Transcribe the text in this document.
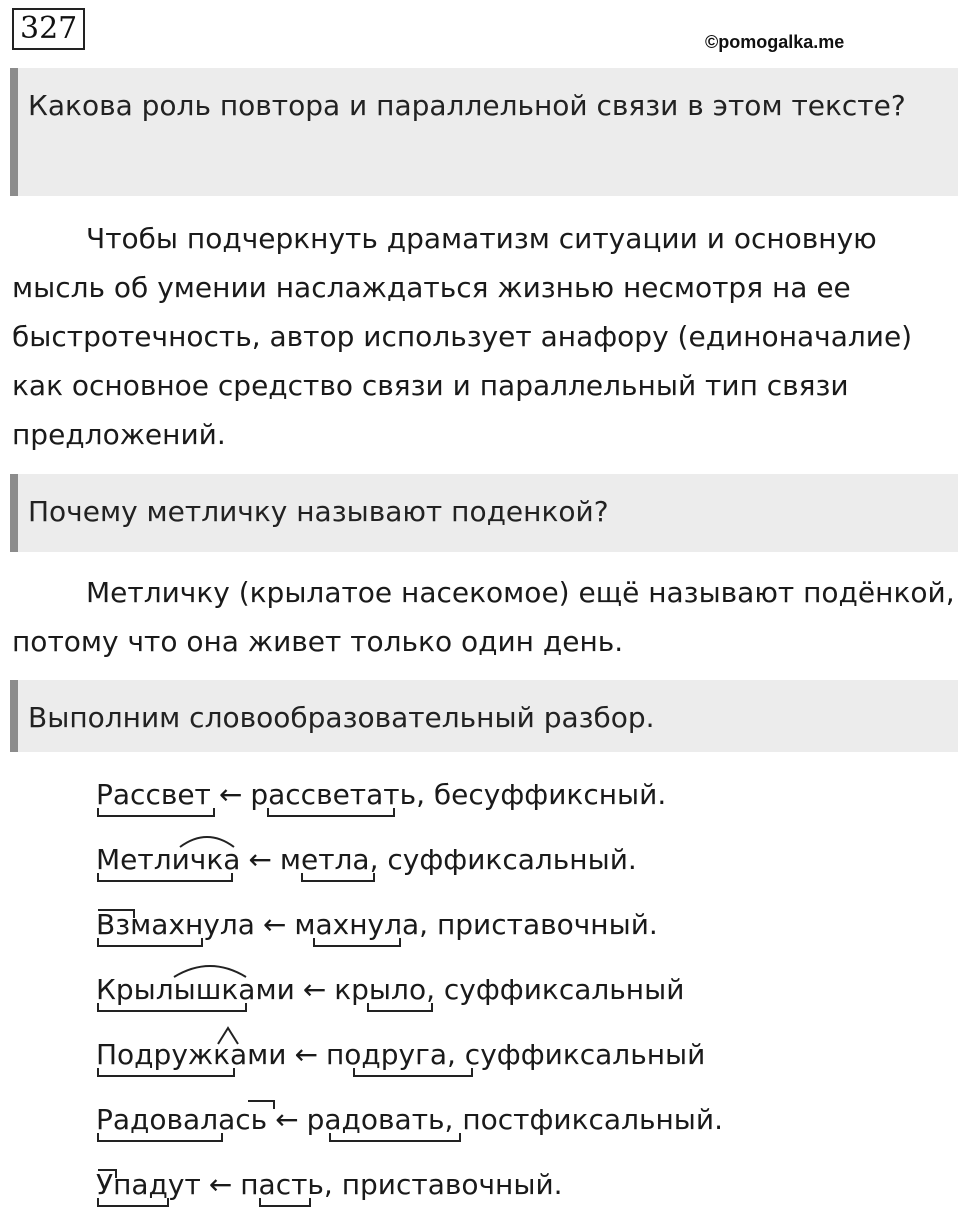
327	©pomogalka.me
Какова роль повтора и параллельной связи в этом тексте?
Чтобы подчеркнуть драматизм ситуации и основную мысль об умении наслаждаться жизнью несмотря на ее быстротечность, автор использует анафору (единоначалие) как основное средство связи и параллельный тип связи предложений.
Почему метличку называют поденкой?
Метличку (крылатое насекомое) ещё называют подёнкой, потому что она живет только один день.
Выполним словообразовательный разбор.
Рассвет ← рассветать, бесуффиксный.
Метличка ← метла, суффиксальный.
Взмахнула ← махнула, приставочный.
Крылышками ← крыло, суффиксальный
Подружками ← подруга, суффиксальный
Радовалась ← радовать, постфиксальный.
Упадут ← пасть, приставочный.
